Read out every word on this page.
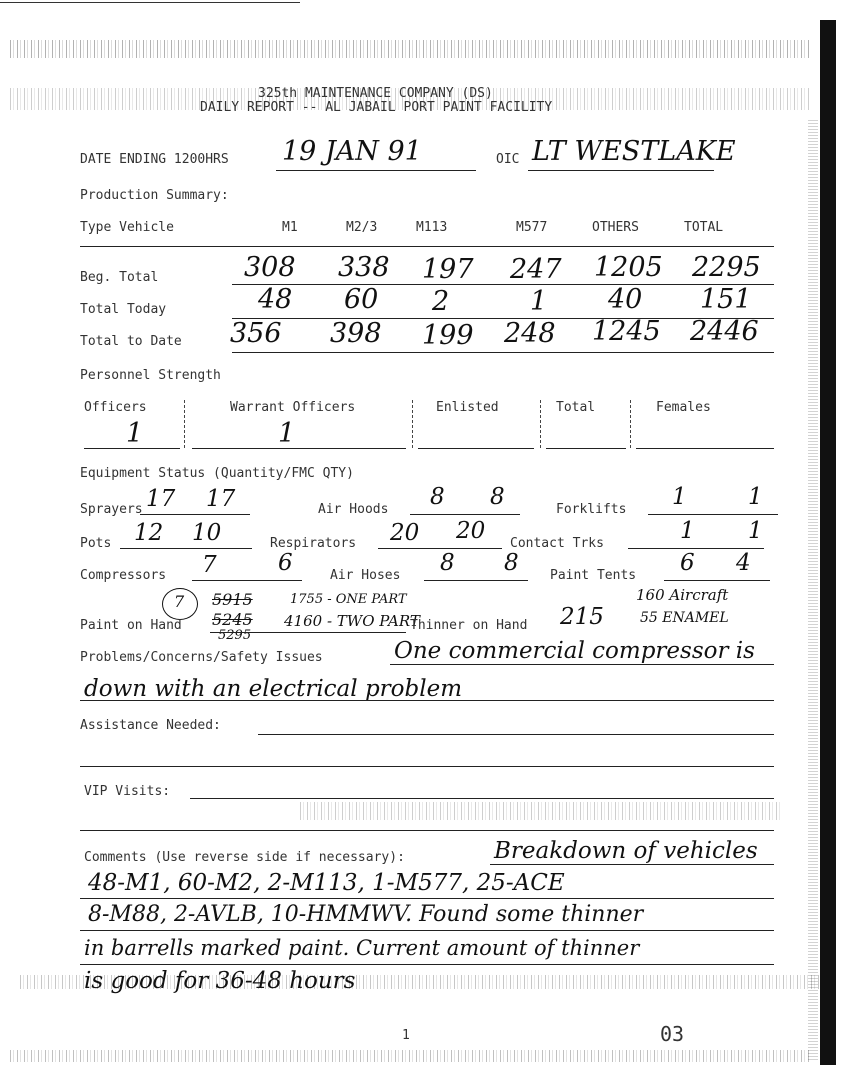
325th MAINTENANCE COMPANY (DS)
DAILY REPORT -- AL JABAIL PORT PAINT FACILITY
DATE ENDING 1200HRS 19 JAN 91	OIC LT WESTLAKE
Production Summary:
Type Vehicle	M1	M2/3	M113	M577	OTHERS	TOTAL
Beg. Total	308 338 197 247 1205 2295
Total Today	48 60 2	1 40 151
Total to Date 356 398 199 248 1245 2446
Personnel Strength
Officers	Warrant Officers	Enlisted	Total	Females
1	1
Equipment Status (Quantity/FMC QTY)
Sprayers 17 17	Air Hoods 8 8	Forklifts 1	1
Pots 12 10	Respirators 20 20 Contact Trks	1 1
Compressors 7	6	Air Hoses 8 8 Paint Tents 6 4
7 5915
Paint on Hand 5245
5295
1755 - ONE PART
4160 - TWO PART
Thinner on Hand 215
160 Aircraft
55 ENAMEL
Problems/Concerns/Safety Issues	One commercial compressor is
down with an electrical problem
Assistance Needed:
VIP Visits:
Comments (Use reverse side if necessary):	Breakdown of vehicles
48-M1, 60-M2, 2-M113, 1-M577, 25-ACE
8-M88, 2-AVLB, 10-HMMWV. Found some thinner
in barrells marked paint. Current amount of thinner
is good for 36-48 hours
1	03
